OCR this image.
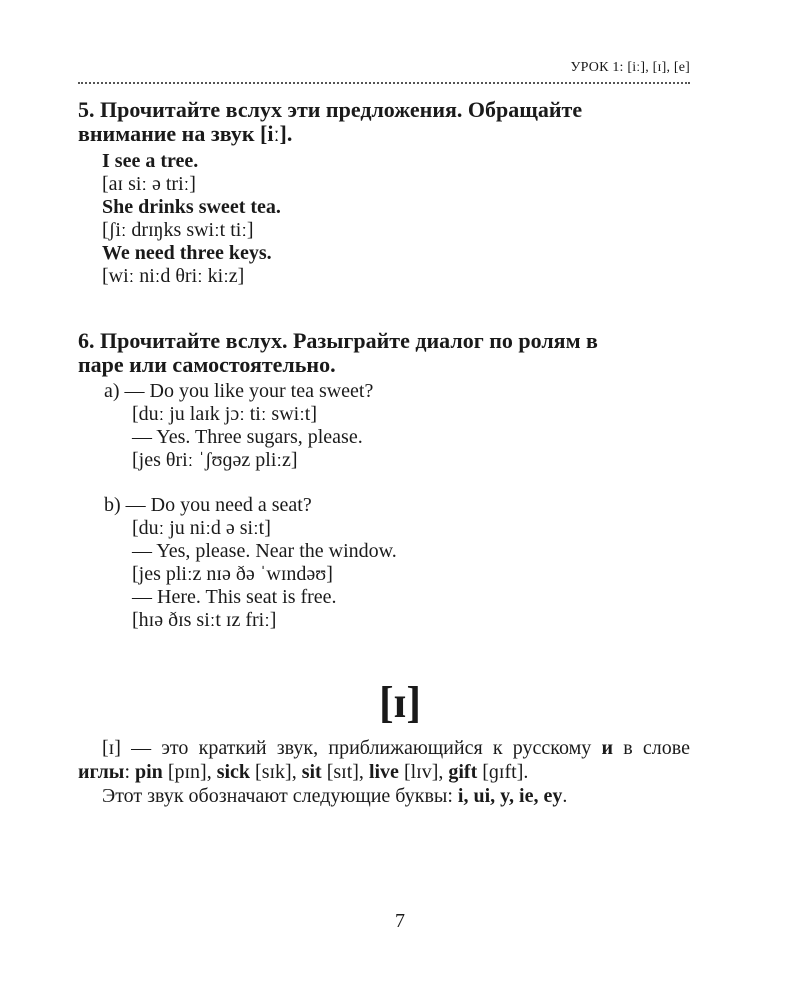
УРОК 1: [iː], [ɪ], [e]
5. Прочитайте вслух эти предложения. Обращайте
внимание на звук [iː].
I see a tree.
[aɪ siː ə triː]
She drinks sweet tea.
[ʃiː drɪŋks swiːt tiː]
We need three keys.
[wiː niːd θriː kiːz]
6. Прочитайте вслух. Разыграйте диалог по ролям в
паре или самостоятельно.
a) — Do you like your tea sweet?
[duː ju laɪk jɔː tiː swiːt]
— Yes. Three sugars, please.
[jes θriː ˈʃʊɡəz pliːz]
b) — Do you need a seat?
[duː ju niːd ə siːt]
— Yes, please. Near the window.
[jes pliːz nɪə ðə ˈwɪndəʊ]
— Here. This seat is free.
[hɪə ðɪs siːt ɪz friː]
[ɪ]

[ɪ] — это краткий звук, приближающийся к русскому и в слове иглы: pin [pɪn], sick [sɪk], sit [sɪt], live [lɪv], gift [ɡɪft].

Этот звук обозначают следующие буквы: i, ui, y, ie, ey.

7
